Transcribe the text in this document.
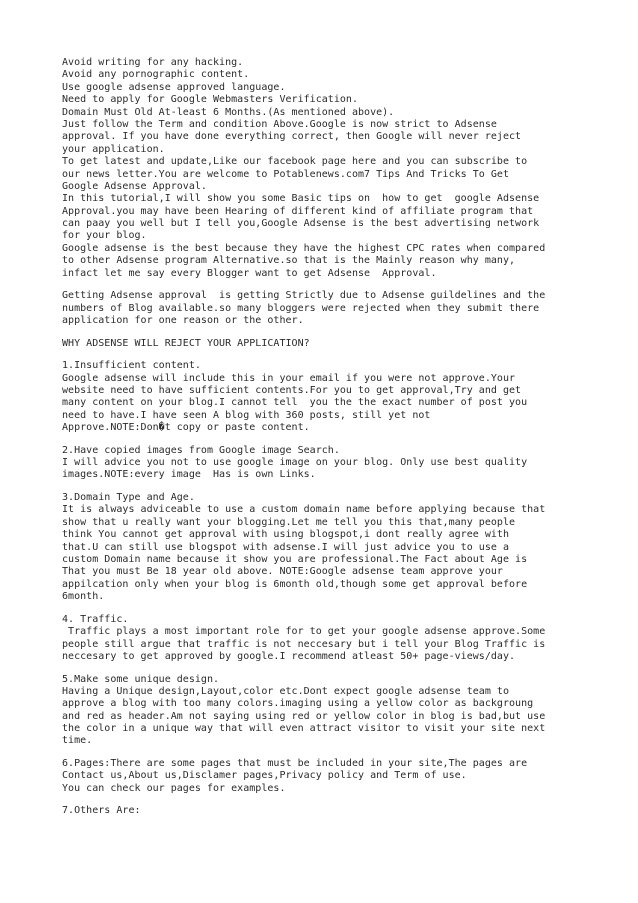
Avoid writing for any hacking.
Avoid any pornographic content.
Use google adsense approved language.
Need to apply for Google Webmasters Verification.
Domain Must Old At-least 6 Months.(As mentioned above).
Just follow the Term and condition Above.Google is now strict to Adsense
approval. If you have done everything correct, then Google will never reject
your application.
To get latest and update,Like our facebook page here and you can subscribe to
our news letter.You are welcome to Potablenews.com7 Tips And Tricks To Get
Google Adsense Approval.
In this tutorial,I will show you some Basic tips on  how to get  google Adsense
Approval.you may have been Hearing of different kind of affiliate program that
can paay you well but I tell you,Google Adsense is the best advertising network
for your blog.
Google adsense is the best because they have the highest CPC rates when compared
to other Adsense program Alternative.so that is the Mainly reason why many,
infact let me say every Blogger want to get Adsense  Approval.
Getting Adsense approval  is getting Strictly due to Adsense guildelines and the
numbers of Blog available.so many bloggers were rejected when they submit there
application for one reason or the other.
WHY ADSENSE WILL REJECT YOUR APPLICATION?
1.Insufficient content.
Google adsense will include this in your email if you were not approve.Your
website need to have sufficient contents.For you to get approval,Try and get
many content on your blog.I cannot tell  you the the exact number of post you
need to have.I have seen A blog with 360 posts, still yet not
Approve.NOTE:Don�t copy or paste content.
2.Have copied images from Google image Search.
I will advice you not to use google image on your blog. Only use best quality
images.NOTE:every image  Has is own Links.
3.Domain Type and Age.
It is always adviceable to use a custom domain name before applying because that
show that u really want your blogging.Let me tell you this that,many people
think You cannot get approval with using blogspot,i dont really agree with
that.U can still use blogspot with adsense.I will just advice you to use a
custom Domain name because it show you are professional.The Fact about Age is
That you must Be 18 year old above. NOTE:Google adsense team approve your
appilcation only when your blog is 6month old,though some get approval before
6month.
4. Traffic.
Traffic plays a most important role for to get your google adsense approve.Some
people still argue that traffic is not neccesary but i tell your Blog Traffic is
neccesary to get approved by google.I recommend atleast 50+ page-views/day.
5.Make some unique design.
Having a Unique design,Layout,color etc.Dont expect google adsense team to
approve a blog with too many colors.imaging using a yellow color as backgroung
and red as header.Am not saying using red or yellow color in blog is bad,but use
the color in a unique way that will even attract visitor to visit your site next
time.
6.Pages:There are some pages that must be included in your site,The pages are
Contact us,About us,Disclamer pages,Privacy policy and Term of use.
You can check our pages for examples.
7.Others Are:
